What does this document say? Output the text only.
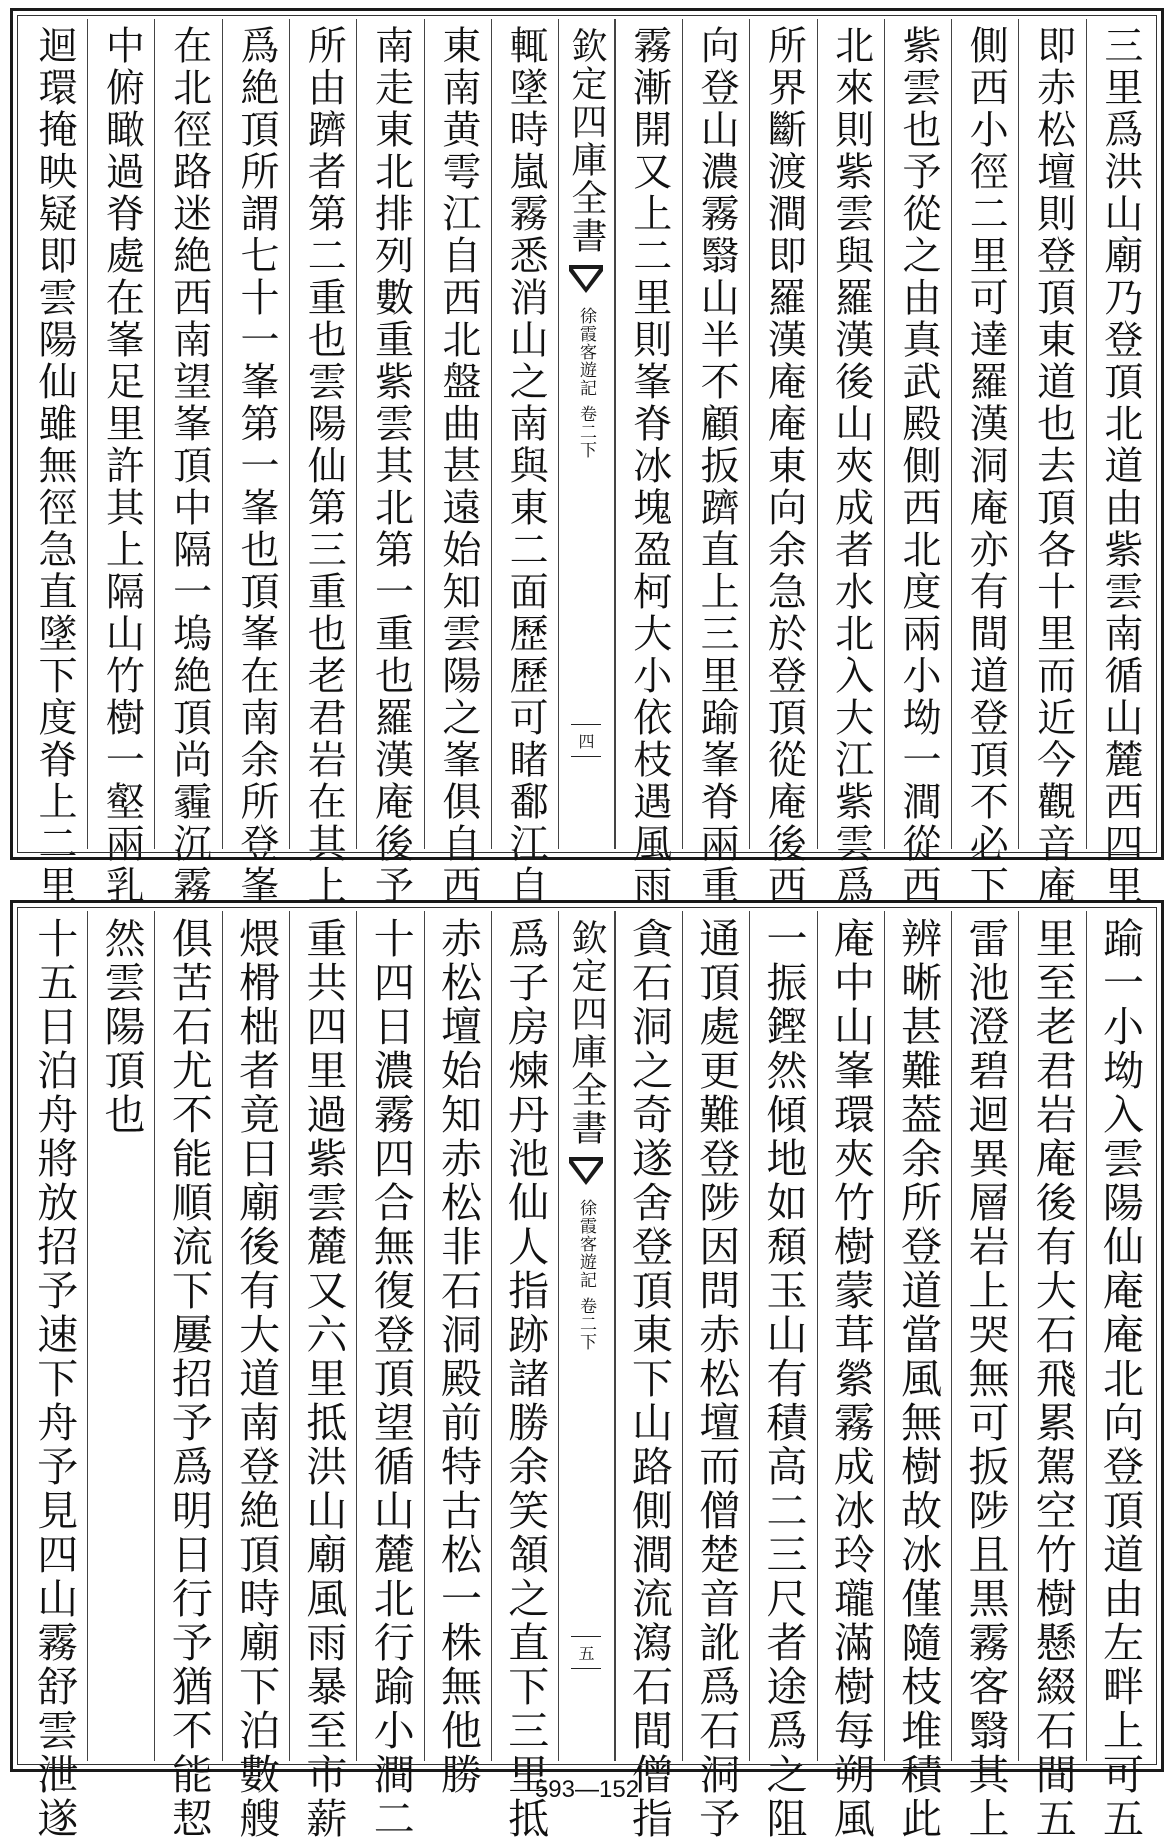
三里爲洪山廟乃登頂北道由紫雲南循山麓西四里
即赤松壇則登頂東道也去頂各十里而近今觀音庵
側西小徑二里可達羅漢洞庵亦有間道登頂不必下
紫雲也予從之由真武殿側西北度兩小坳一澗從西
北來則紫雲與羅漢後山夾成者水北入大江紫雲爲
所界斷渡澗即羅漢庵庵東向余急於登頂從庵後西
向登山濃霧翳山半不顧扳躋直上三里踰峯脊兩重
霧漸開又上二里則峯脊冰塊盈柯大小依枝遇風雨
欽定四庫全書
徐霞客遊記
卷二下
四
輒墜時嵐霧悉消山之南與東二面歷歷可睹鄱江自
東南黄雩江自西北盤曲甚遠始知雲陽之峯俱自西
南走東北排列數重紫雲其北第一重也羅漢庵後予
所由躋者第二重也雲陽仙第三重也老君岩在其上
爲絶頂所謂七十一峯第一峯也頂峯在南余所登峯
在北徑路迷絶西南望峯頂中隔一塢絶頂尚霾沉霧
中俯瞰過脊處在峯足里許其上隔山竹樹一壑兩乳
迴環掩映疑即雲陽仙雖無徑急直墜下度脊上二里
踰一小坳入雲陽仙庵庵北向登頂道由左畔上可五
里至老君岩庵後有大石飛累駕空竹樹懸綴石間五
雷池澄碧迴異層岩上哭無可扳陟且黒霧客翳其上
辨晰甚難葢余所登道當風無樹故冰僅隨枝堆積此
庵中山峯環夾竹樹蒙茸縈霧成冰玲瓏滿樹每朔風
一振鏗然傾地如頹玉山有積高二三尺者途爲之阻
通頂處更難登陟因問赤松壇而僧楚音訛爲石洞予
貪石洞之奇遂舍登頂東下山路側澗流瀉石間僧指
欽定四庫全書
徐霞客遊記
卷二下
五
爲子房煉丹池仙人指跡諸勝余笑頷之直下三里抵
赤松壇始知赤松非石洞殿前特古松一株無他勝
十四日濃霧四合無復登頂望循山麓北行踰小澗二
重共四里過紫雲麓又六里抵洪山廟風雨暴至市薪
煨榾柮者竟日廟後有大道南登絶頂時廟下泊數艘
俱苦石尤不能順流下屢招予爲明日行予猶不能恝
然雲陽頂也
十五日泊舟將放招予速下舟予見四山霧舒雲泄遂	593—152
